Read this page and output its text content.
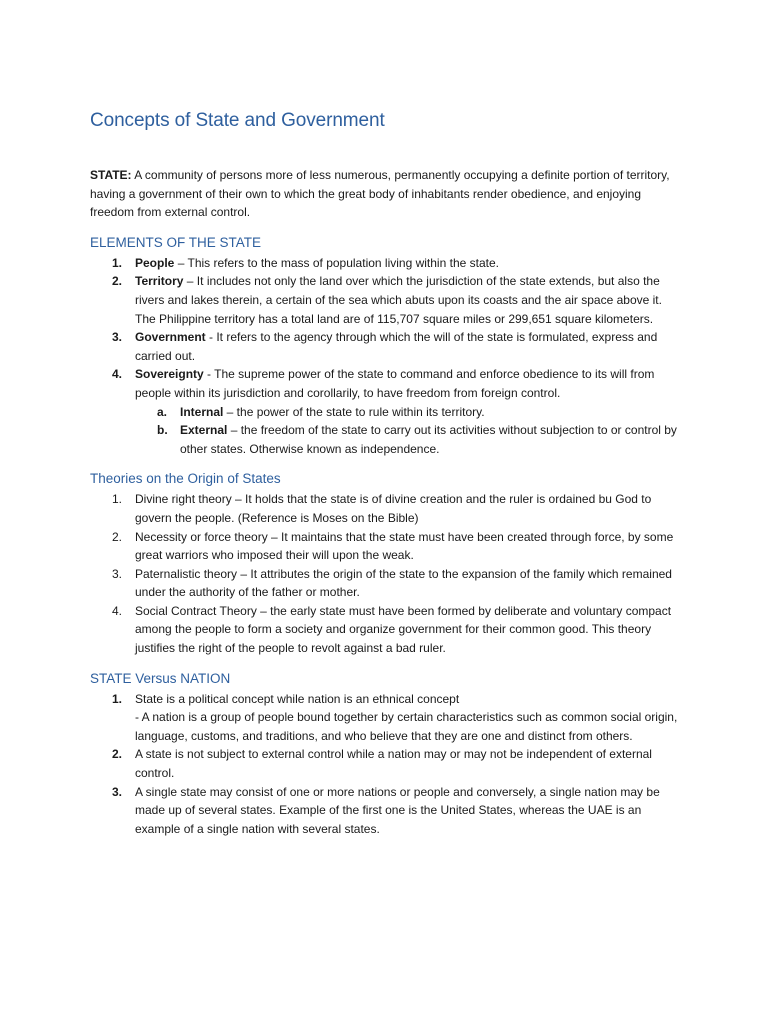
Concepts of State and Government

STATE: A community of persons more of less numerous, permanently occupying a definite portion of territory, having a government of their own to which the great body of inhabitants render obedience, and enjoying freedom from external control.

ELEMENTS OF THE STATE
1. People – This refers to the mass of population living within the state.
2. Territory – It includes not only the land over which the jurisdiction of the state extends, but also the rivers and lakes therein, a certain of the sea which abuts upon its coasts and the air space above it.
The Philippine territory has a total land are of 115,707 square miles or 299,651 square kilometers.
3. Government - It refers to the agency through which the will of the state is formulated, express and carried out.
4. Sovereignty - The supreme power of the state to command and enforce obedience to its will from people within its jurisdiction and corollarily, to have freedom from foreign control.
a. Internal – the power of the state to rule within its territory.
b. External – the freedom of the state to carry out its activities without subjection to or control by other states. Otherwise known as independence.
Theories on the Origin of States
1. Divine right theory – It holds that the state is of divine creation and the ruler is ordained bu God to govern the people. (Reference is Moses on the Bible)
2. Necessity or force theory – It maintains that the state must have been created through force, by some great warriors who imposed their will upon the weak.
3. Paternalistic theory – It attributes the origin of the state to the expansion of the family which remained under the authority of the father or mother.
4. Social Contract Theory – the early state must have been formed by deliberate and voluntary compact among the people to form a society and organize government for their common good. This theory justifies the right of the people to revolt against a bad ruler.
STATE Versus NATION
1. State is a political concept while nation is an ethnical concept
- A nation is a group of people bound together by certain characteristics such as common social origin, language, customs, and traditions, and who believe that they are one and distinct from others.
2. A state is not subject to external control while a nation may or may not be independent of external control.
3. A single state may consist of one or more nations or people and conversely, a single nation may be made up of several states. Example of the first one is the United States, whereas the UAE is an example of a single nation with several states.
